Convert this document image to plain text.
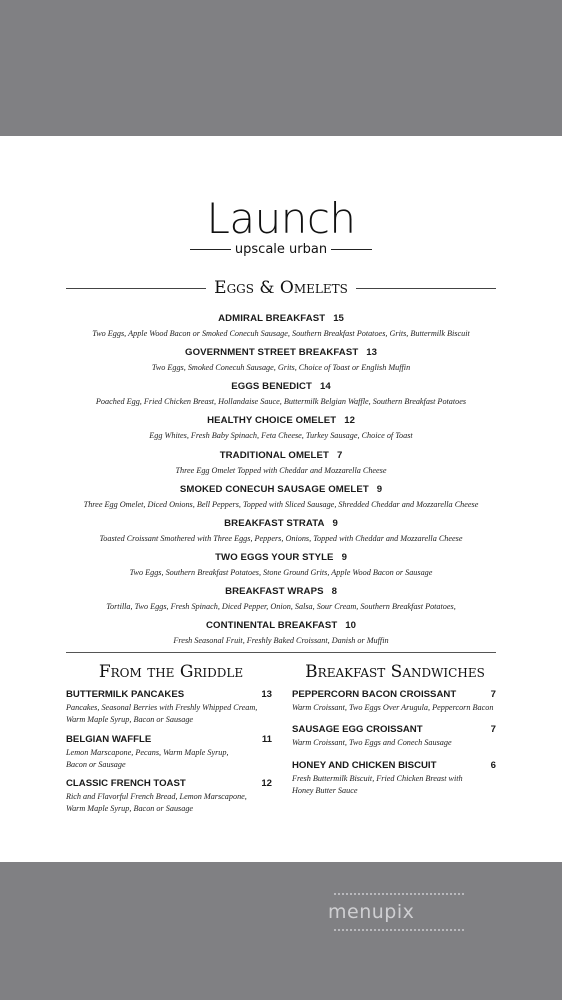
Launch
upscale urban
Eggs & Omelets
ADMIRAL BREAKFAST 15
Two Eggs, Apple Wood Bacon or Smoked Conecuh Sausage, Southern Breakfast Potatoes, Grits, Buttermilk Biscuit
GOVERNMENT STREET BREAKFAST 13
Two Eggs, Smoked Conecuh Sausage, Grits, Choice of Toast or English Muffin
EGGS BENEDICT 14
Poached Egg, Fried Chicken Breast, Hollandaise Sauce, Buttermilk Belgian Waffle, Southern Breakfast Potatoes
HEALTHY CHOICE OMELET 12
Egg Whites, Fresh Baby Spinach, Feta Cheese, Turkey Sausage, Choice of Toast
TRADITIONAL OMELET 7
Three Egg Omelet Topped with Cheddar and Mozzarella Cheese
SMOKED CONECUH SAUSAGE OMELET 9
Three Egg Omelet, Diced Onions, Bell Peppers, Topped with Sliced Sausage, Shredded Cheddar and Mozzarella Cheese
BREAKFAST STRATA 9
Toasted Croissant Smothered with Three Eggs, Peppers, Onions, Topped with Cheddar and Mozzarella Cheese
TWO EGGS YOUR STYLE 9
Two Eggs, Southern Breakfast Potatoes, Stone Ground Grits, Apple Wood Bacon or Sausage
BREAKFAST WRAPS 8
Tortilla, Two Eggs, Fresh Spinach, Diced Pepper, Onion, Salsa, Sour Cream, Southern Breakfast Potatoes,
CONTINENTAL BREAKFAST 10
Fresh Seasonal Fruit, Freshly Baked Croissant, Danish or Muffin
From the Griddle
BUTTERMILK PANCAKES	13
Pancakes, Seasonal Berries with Freshly Whipped Cream,
Warm Maple Syrup, Bacon or Sausage
BELGIAN WAFFLE	11
Lemon Marscapone, Pecans, Warm Maple Syrup,
Bacon or Sausage
CLASSIC FRENCH TOAST	12
Rich and Flavorful French Bread, Lemon Marscapone,
Warm Maple Syrup, Bacon or Sausage
Breakfast Sandwiches
PEPPERCORN BACON CROISSANT	7
Warm Croissant, Two Eggs Over Arugula, Peppercorn Bacon
SAUSAGE EGG CROISSANT	7
Warm Croissant, Two Eggs and Conech Sausage
HONEY AND CHICKEN BISCUIT	6
Fresh Buttermilk Biscuit, Fried Chicken Breast with
Honey Butter Sauce
menupix
